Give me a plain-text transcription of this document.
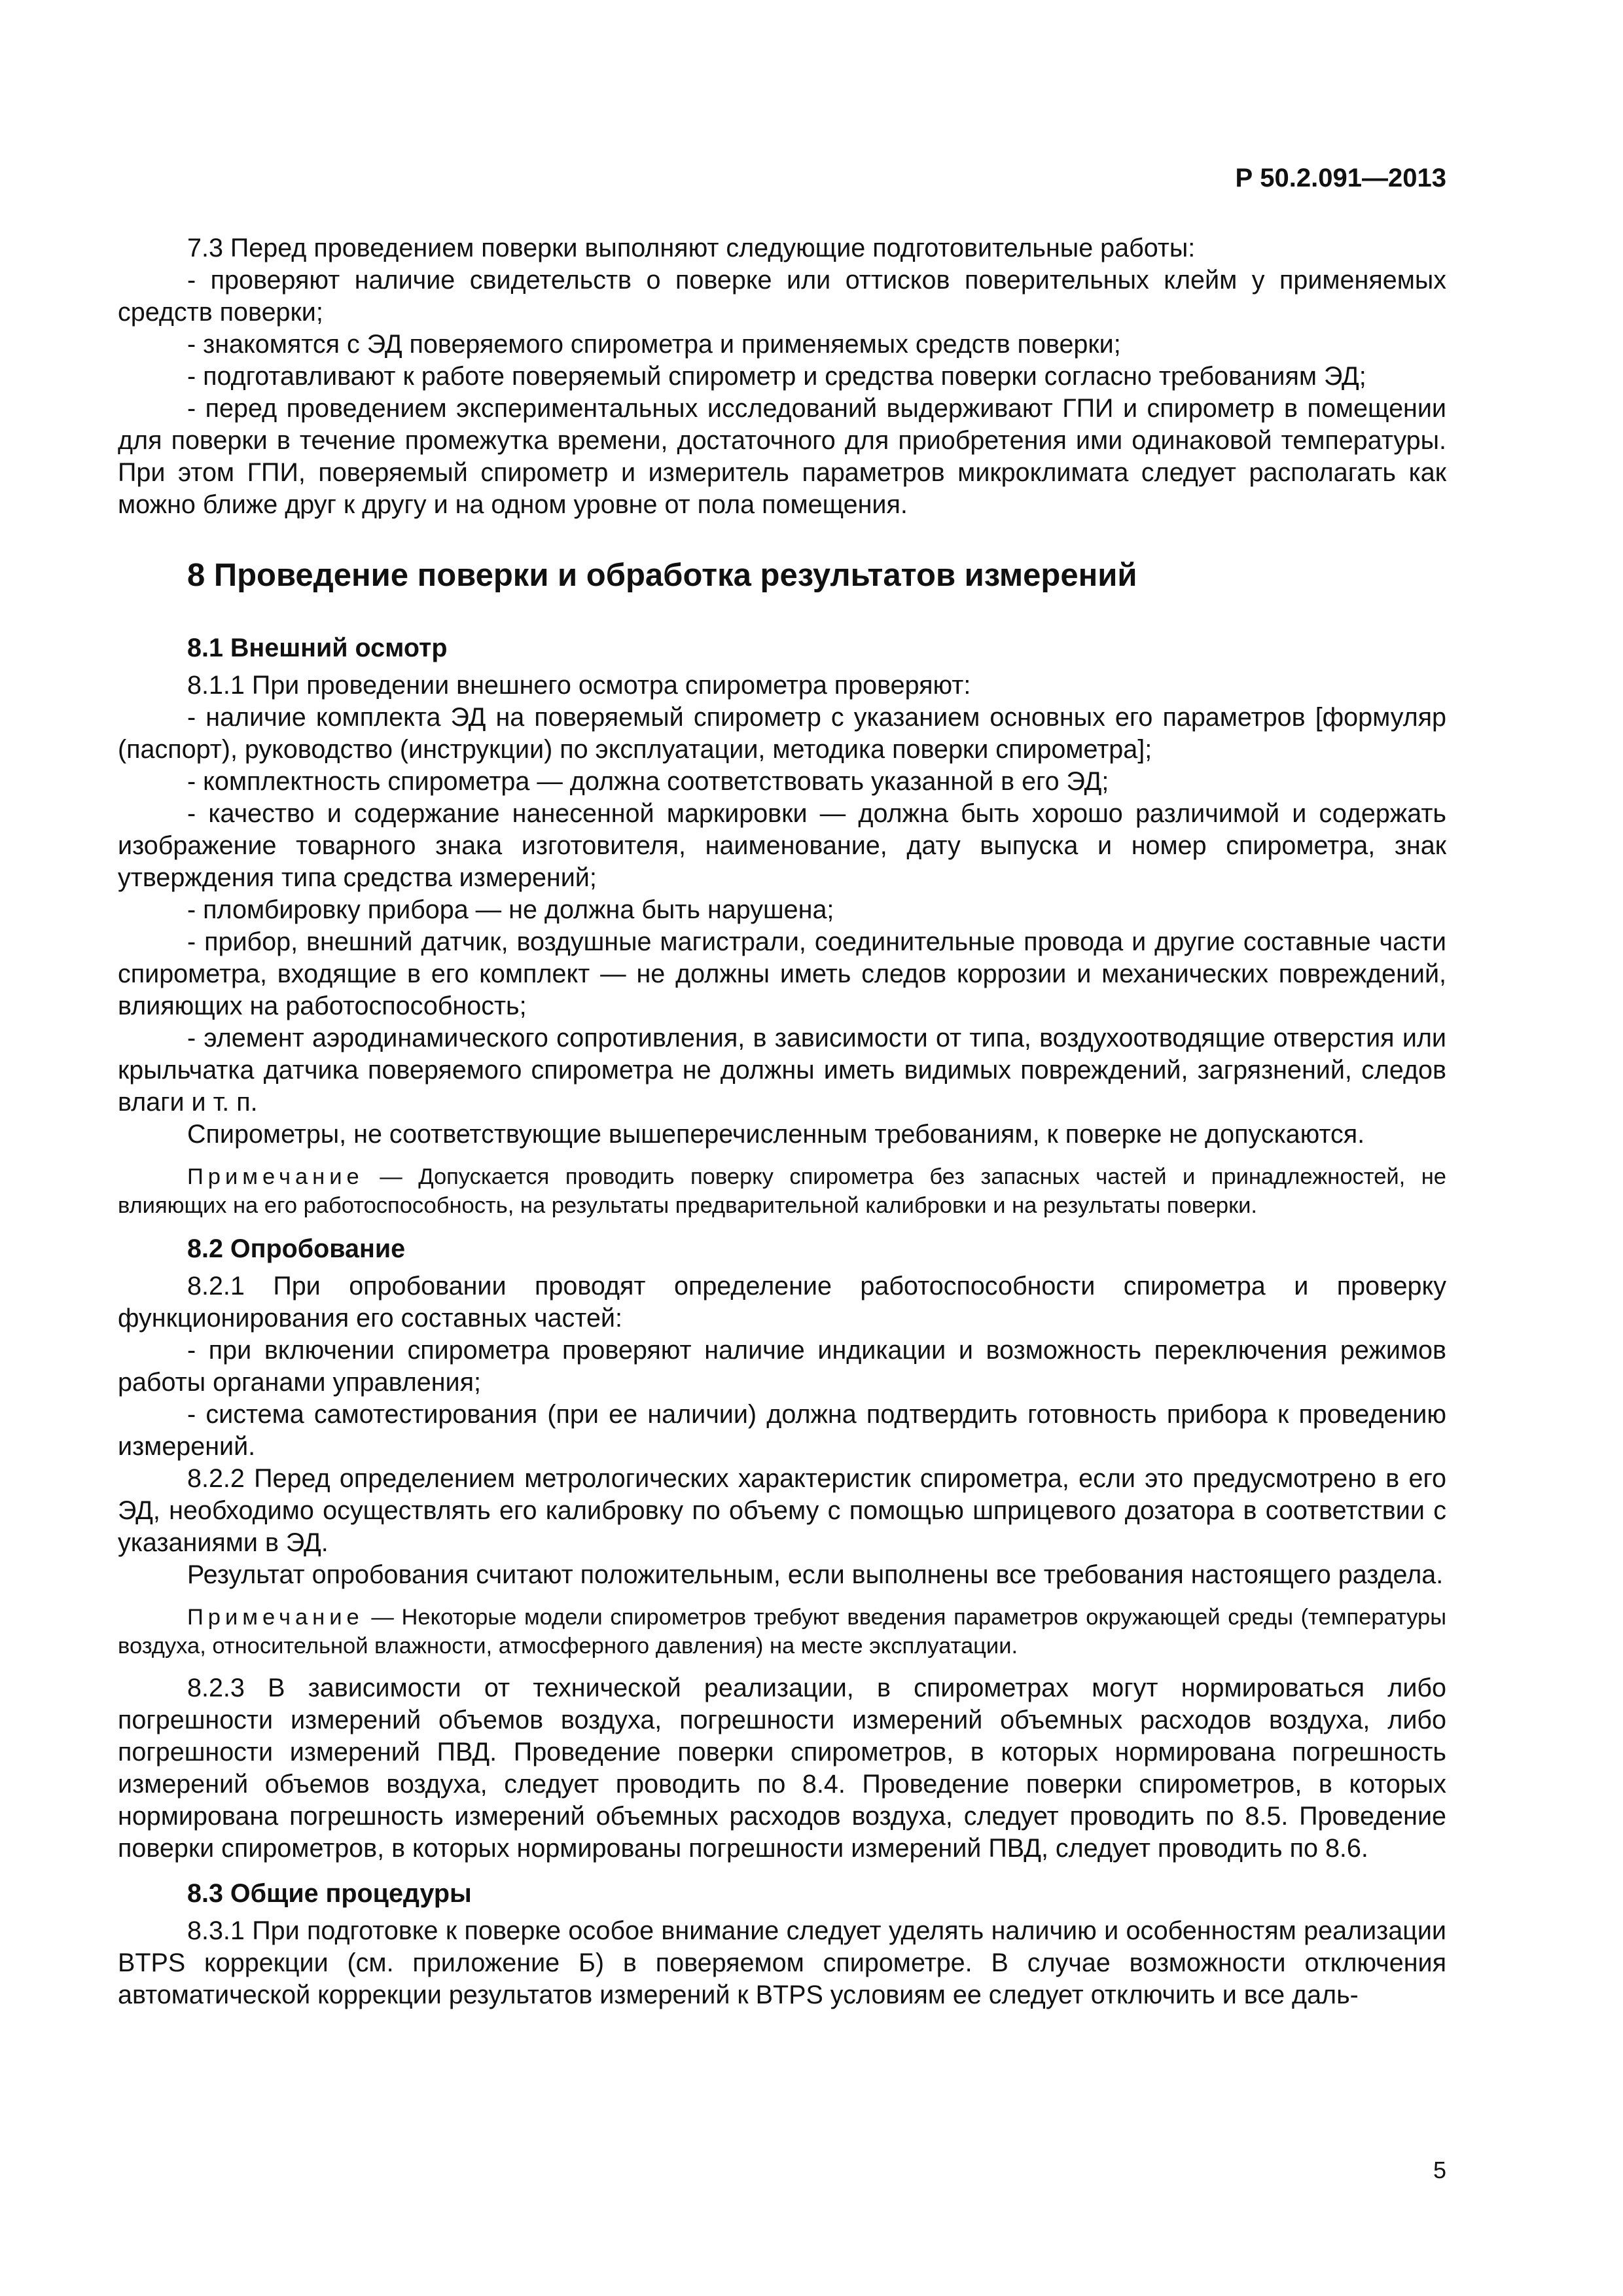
Р 50.2.091—2013

7.3 Перед проведением поверки выполняют следующие подготовительные работы:

- проверяют наличие свидетельств о поверке или оттисков поверительных клейм у применяемых средств поверки;

- знакомятся с ЭД поверяемого спирометра и применяемых средств поверки;

- подготавливают к работе поверяемый спирометр и средства поверки согласно требованиям ЭД;

- перед проведением экспериментальных исследований выдерживают ГПИ и спирометр в помещении для поверки в течение промежутка времени, достаточного для приобретения ими одинаковой температуры. При этом ГПИ, поверяемый спирометр и измеритель параметров микроклимата следует располагать как можно ближе друг к другу и на одном уровне от пола помещения.

8 Проведение поверки и обработка результатов измерений
8.1 Внешний осмотр

8.1.1 При проведении внешнего осмотра спирометра проверяют:

- наличие комплекта ЭД на поверяемый спирометр с указанием основных его параметров [формуляр (паспорт), руководство (инструкции) по эксплуатации, методика поверки спирометра];

- комплектность спирометра — должна соответствовать указанной в его ЭД;

- качество и содержание нанесенной маркировки — должна быть хорошо различимой и содержать изображение товарного знака изготовителя, наименование, дату выпуска и номер спирометра, знак утверждения типа средства измерений;

- пломбировку прибора — не должна быть нарушена;

- прибор, внешний датчик, воздушные магистрали, соединительные провода и другие составные части спирометра, входящие в его комплект — не должны иметь следов коррозии и механических повреждений, влияющих на работоспособность;

- элемент аэродинамического сопротивления, в зависимости от типа, воздухоотводящие отверстия или крыльчатка датчика поверяемого спирометра не должны иметь видимых повреждений, загрязнений, следов влаги и т. п.

Спирометры, не соответствующие вышеперечисленным требованиям, к поверке не допускаются.

Примечание — Допускается проводить поверку спирометра без запасных частей и принадлежностей, не влияющих на его работоспособность, на результаты предварительной калибровки и на результаты поверки.
8.2 Опробование

8.2.1 При опробовании проводят определение работоспособности спирометра и проверку функционирования его составных частей:

- при включении спирометра проверяют наличие индикации и возможность переключения режимов работы органами управления;

- система самотестирования (при ее наличии) должна подтвердить готовность прибора к проведению измерений.

8.2.2 Перед определением метрологических характеристик спирометра, если это предусмотрено в его ЭД, необходимо осуществлять его калибровку по объему с помощью шприцевого дозатора в соответствии с указаниями в ЭД.

Результат опробования считают положительным, если выполнены все требования настоящего раздела.

Примечание — Некоторые модели спирометров требуют введения параметров окружающей среды (температуры воздуха, относительной влажности, атмосферного давления) на месте эксплуатации.

8.2.3 В зависимости от технической реализации, в спирометрах могут нормироваться либо погрешности измерений объемов воздуха, погрешности измерений объемных расходов воздуха, либо погрешности измерений ПВД. Проведение поверки спирометров, в которых нормирована погрешность измерений объемов воздуха, следует проводить по 8.4. Проведение поверки спирометров, в которых нормирована погрешность измерений объемных расходов воздуха, следует проводить по 8.5. Проведение поверки спирометров, в которых нормированы погрешности измерений ПВД, следует проводить по 8.6.

8.3 Общие процедуры

8.3.1 При подготовке к поверке особое внимание следует уделять наличию и особенностям реализации BTPS коррекции (см. приложение Б) в поверяемом спирометре. В случае возможности отключения автоматической коррекции результатов измерений к BTPS условиям ее следует отключить и все даль-

5
